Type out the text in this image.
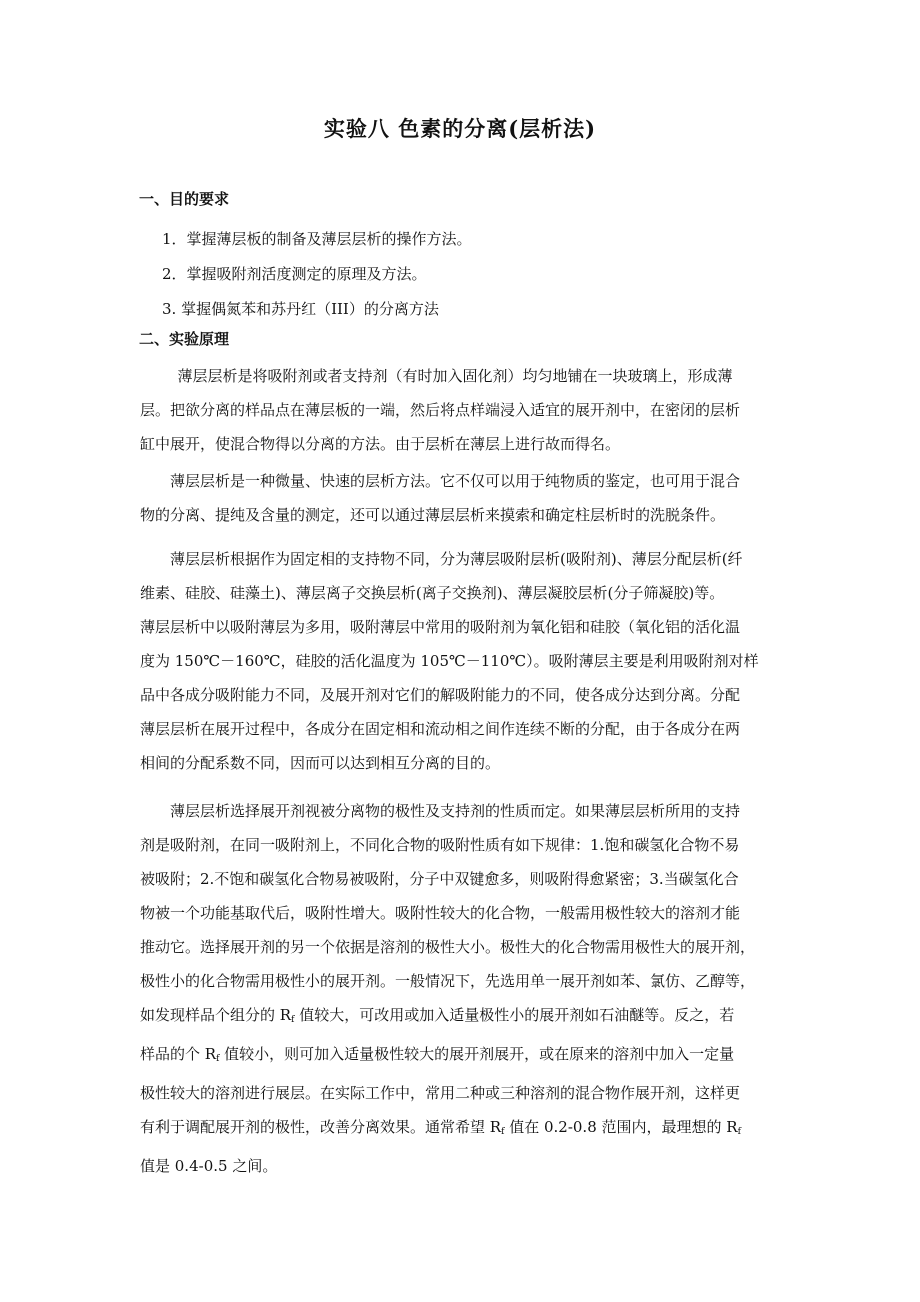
实验八 色素的分离(层析法)
一、目的要求
1．掌握薄层板的制备及薄层层析的操作方法。
2．掌握吸附剂活度测定的原理及方法。
3. 掌握偶氮苯和苏丹红（III）的分离方法
二、实验原理
薄层层析是将吸附剂或者支持剂（有时加入固化剂）均匀地铺在一块玻璃上，形成薄
层。把欲分离的样品点在薄层板的一端，然后将点样端浸入适宜的展开剂中，在密闭的层析
缸中展开，使混合物得以分离的方法。由于层析在薄层上进行故而得名。
薄层层析是一种微量、快速的层析方法。它不仅可以用于纯物质的鉴定，也可用于混合
物的分离、提纯及含量的测定，还可以通过薄层层析来摸索和确定柱层析时的洗脱条件。
薄层层析根据作为固定相的支持物不同，分为薄层吸附层析(吸附剂)、薄层分配层析(纤
维素、硅胶、硅藻土)、薄层离子交换层析(离子交换剂)、薄层凝胶层析(分子筛凝胶)等。
薄层层析中以吸附薄层为多用，吸附薄层中常用的吸附剂为氧化铝和硅胶（氧化铝的活化温
度为 150℃－160℃，硅胶的活化温度为 105℃－110℃）。吸附薄层主要是利用吸附剂对样
品中各成分吸附能力不同，及展开剂对它们的解吸附能力的不同，使各成分达到分离。分配
薄层层析在展开过程中，各成分在固定相和流动相之间作连续不断的分配，由于各成分在两
相间的分配系数不同，因而可以达到相互分离的目的。
薄层层析选择展开剂视被分离物的极性及支持剂的性质而定。如果薄层层析所用的支持
剂是吸附剂，在同一吸附剂上，不同化合物的吸附性质有如下规律：1.饱和碳氢化合物不易
被吸附；2.不饱和碳氢化合物易被吸附，分子中双键愈多，则吸附得愈紧密；3.当碳氢化合
物被一个功能基取代后，吸附性增大。吸附性较大的化合物，一般需用极性较大的溶剂才能
推动它。选择展开剂的另一个依据是溶剂的极性大小。极性大的化合物需用极性大的展开剂，
极性小的化合物需用极性小的展开剂。一般情况下，先选用单一展开剂如苯、氯仿、乙醇等，
如发现样品个组分的 $R_f$ 值较大，可改用或加入适量极性小的展开剂如石油醚等。反之，若
样品的个 $R_f$ 值较小，则可加入适量极性较大的展开剂展开，或在原来的溶剂中加入一定量
极性较大的溶剂进行展层。在实际工作中，常用二种或三种溶剂的混合物作展开剂，这样更
有利于调配展开剂的极性，改善分离效果。通常希望 $R_f$ 值在 0.2-0.8 范围内，最理想的 $R_f$
值是 0.4-0.5 之间。
